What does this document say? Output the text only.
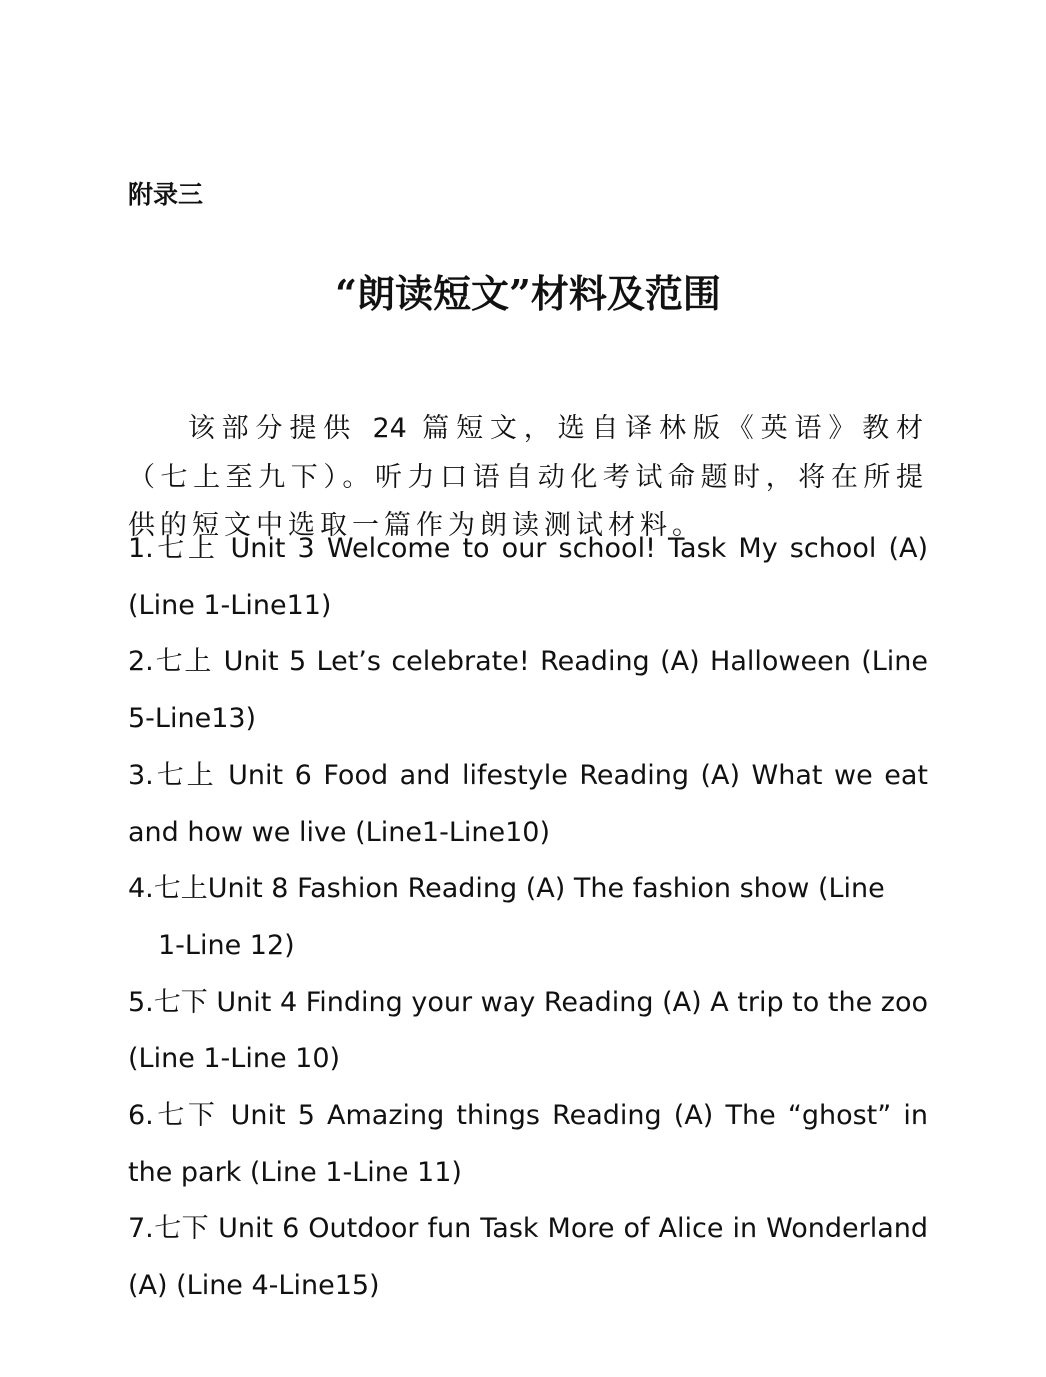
附录三
“朗读短文”材料及范围

该部分提供 24 篇短文，选自译林版《英语》教材（七上至九下）。听力口语自动化考试命题时，将在所提供的短文中选取一篇作为朗读测试材料。

1.七上 Unit 3 Welcome to our school! Task My school (A) (Line 1-Line11)
2.七上 Unit 5 Let’s celebrate! Reading (A) Halloween (Line 5-Line13)
3.七上 Unit 6 Food and lifestyle Reading (A) What we eat and how we live (Line1-Line10)
4.七上Unit 8 Fashion Reading (A) The fashion show (Line
1-Line 12)
5.七下 Unit 4 Finding your way Reading (A) A trip to the zoo (Line 1-Line 10)
6.七下 Unit 5 Amazing things Reading (A) The “ghost” in the park (Line 1-Line 11)
7.七下 Unit 6 Outdoor fun Task More of Alice in Wonderland (A) (Line 4-Line15)
